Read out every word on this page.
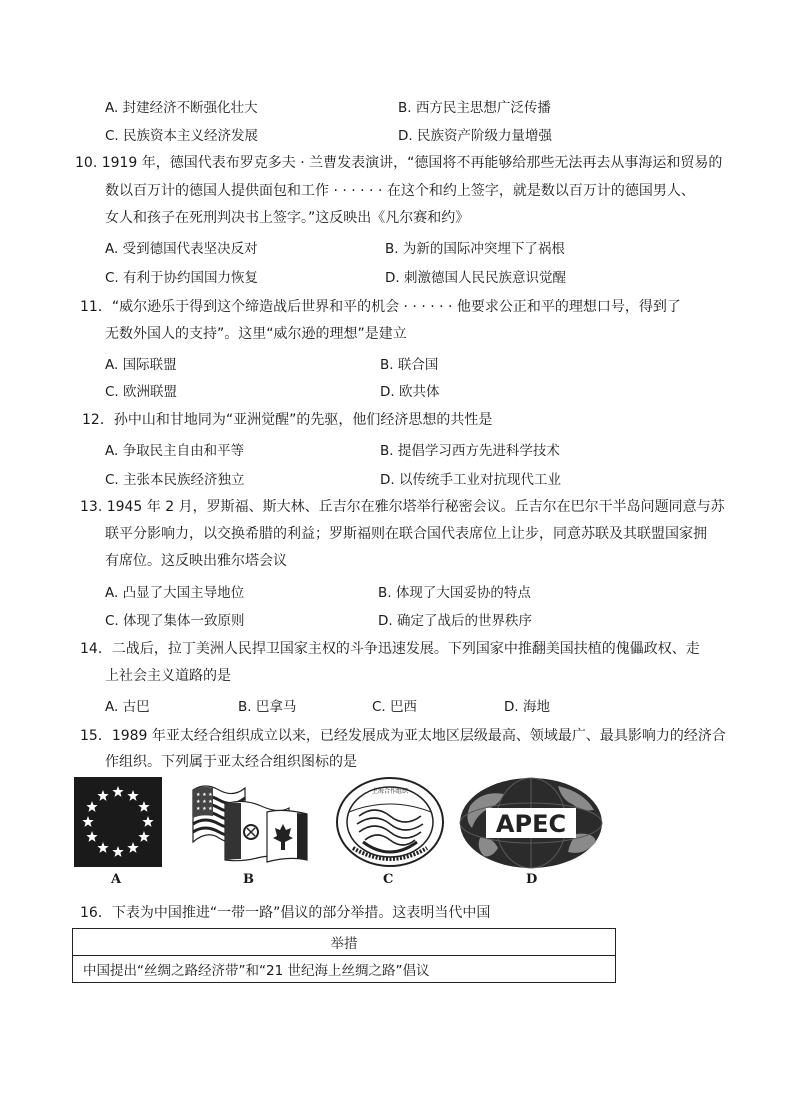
A. 封建经济不断强化壮大	B. 西方民主思想广泛传播
C. 民族资本主义经济发展	D. 民族资产阶级力量增强
10. 1919 年，德国代表布罗克多夫 · 兰曹发表演讲，“德国将不再能够给那些无法再去从事海运和贸易的
数以百万计的德国人提供面包和工作 · · · · · · 在这个和约上签字，就是数以百万计的德国男人、
女人和孩子在死刑判决书上签字。”这反映出《凡尔赛和约》
A. 受到德国代表坚决反对	B. 为新的国际冲突埋下了祸根
C. 有利于协约国国力恢复	D. 刺激德国人民民族意识觉醒
11．“威尔逊乐于得到这个缔造战后世界和平的机会 · · · · · · 他要求公正和平的理想口号，得到了
无数外国人的支持”。这里“威尔逊的理想”是建立
A. 国际联盟	B. 联合国
C. 欧洲联盟	D. 欧共体
12．孙中山和甘地同为“亚洲觉醒”的先驱，他们经济思想的共性是
A. 争取民主自由和平等	B. 提倡学习西方先进科学技术
C. 主张本民族经济独立	D. 以传统手工业对抗现代工业
13. 1945 年 2 月，罗斯福、斯大林、丘吉尔在雅尔塔举行秘密会议。丘吉尔在巴尔干半岛问题同意与苏
联平分影响力，以交换希腊的利益；罗斯福则在联合国代表席位上让步，同意苏联及其联盟国家拥
有席位。这反映出雅尔塔会议
A. 凸显了大国主导地位	B. 体现了大国妥协的特点
C. 体现了集体一致原则	D. 确定了战后的世界秩序
14．二战后，拉丁美洲人民捍卫国家主权的斗争迅速发展。下列国家中推翻美国扶植的傀儡政权、走
上社会主义道路的是
A. 古巴	B. 巴拿马	C. 巴西	D. 海地
15．1989 年亚太经合组织成立以来，已经发展成为亚太地区层级最高、领域最广、最具影响力的经济合
作组织。下列属于亚太经合组织图标的是
A
★ ★ ★
★ ★ ★
★ ★ ★
B
上海合作组织
C
APEC
D
16．下表为中国推进“一带一路”倡议的部分举措。这表明当代中国
举措
中国提出“丝绸之路经济带”和“21 世纪海上丝绸之路”倡议
